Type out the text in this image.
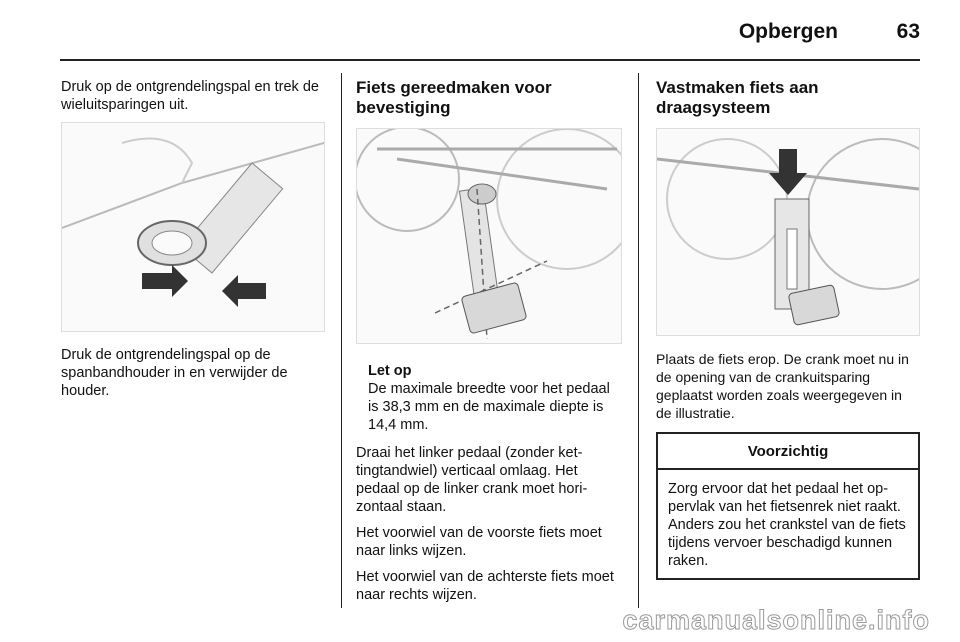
Opbergen	63

Druk op de ontgrendelingspal en trek de wieluitsparingen uit.

Druk de ontgrendelingspal op de spanbandhouder in en verwijder de houder.

Fiets gereedmaken voor bevestiging
Let op
De maximale breedte voor het pedaal is 38,3 mm en de maximale diepte is 14,4 mm.

Draai het linker pedaal (zonder kettingtandwiel) verticaal omlaag. Het pedaal op de linker crank moet horizontaal staan.

Het voorwiel van de voorste fiets moet naar links wijzen.

Het voorwiel van de achterste fiets moet naar rechts wijzen.

Vastmaken fiets aan draagsysteem

Plaats de fiets erop. De crank moet nu in de opening van de crankuitsparing geplaatst worden zoals weergegeven in de illustratie.

Voorzichtig
Zorg ervoor dat het pedaal het oppervlak van het fietsenrek niet raakt. Anders zou het crankstel van de fiets tijdens vervoer beschadigd kunnen raken.
carmanualsonline.info
